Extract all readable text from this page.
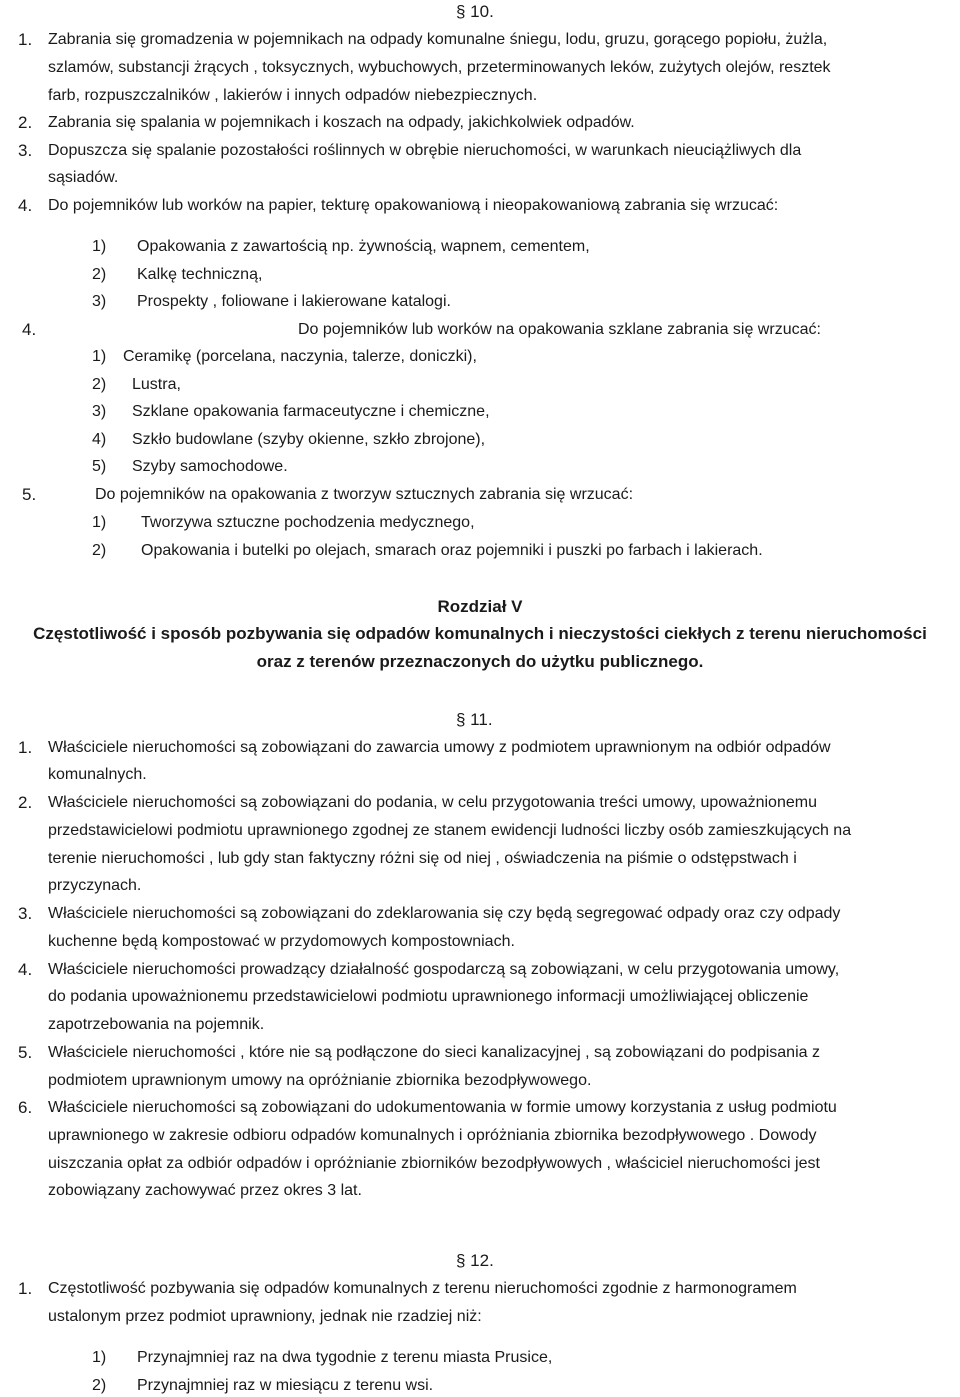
§ 10.
1. Zabrania się gromadzenia w pojemnikach na odpady komunalne śniegu, lodu, gruzu, gorącego popiołu, żużla,
szlamów, substancji żrących , toksycznych, wybuchowych, przeterminowanych leków, zużytych olejów, resztek
farb, rozpuszczalników , lakierów i innych odpadów niebezpiecznych.
2. Zabrania się spalania w pojemnikach i koszach na odpady, jakichkolwiek odpadów.
3. Dopuszcza się spalanie pozostałości roślinnych w obrębie nieruchomości, w warunkach nieuciążliwych dla
sąsiadów.
4. Do pojemników lub worków na papier, tekturę opakowaniową i nieopakowaniową zabrania się wrzucać:
1) Opakowania z zawartością np. żywnością, wapnem, cementem,
2) Kalkę techniczną,
3) Prospekty , foliowane i lakierowane katalogi.
4.	Do pojemników lub worków na opakowania szklane zabrania się wrzucać:
1) Ceramikę (porcelana, naczynia, talerze, doniczki),
2) Lustra,
3) Szklane opakowania farmaceutyczne i chemiczne,
4) Szkło budowlane (szyby okienne, szkło zbrojone),
5) Szyby samochodowe.
5.	Do pojemników na opakowania z tworzyw sztucznych zabrania się wrzucać:
1) Tworzywa sztuczne pochodzenia medycznego,
2) Opakowania i butelki po olejach, smarach oraz pojemniki i puszki po farbach i lakierach.
Rozdział V
Częstotliwość i sposób pozbywania się odpadów komunalnych i nieczystości ciekłych z terenu nieruchomości
oraz z terenów przeznaczonych do użytku publicznego.
§ 11.
1. Właściciele nieruchomości są zobowiązani do zawarcia umowy z podmiotem uprawnionym na odbiór odpadów
komunalnych.
2. Właściciele nieruchomości są zobowiązani do podania, w celu przygotowania treści umowy, upoważnionemu
przedstawicielowi podmiotu uprawnionego zgodnej ze stanem ewidencji ludności liczby osób zamieszkujących na
terenie nieruchomości , lub gdy stan faktyczny różni się od niej , oświadczenia na piśmie o odstępstwach i
przyczynach.
3. Właściciele nieruchomości są zobowiązani do zdeklarowania się czy będą segregować odpady oraz czy odpady
kuchenne będą kompostować w przydomowych kompostowniach.
4. Właściciele nieruchomości prowadzący działalność gospodarczą są zobowiązani, w celu przygotowania umowy,
do podania upoważnionemu przedstawicielowi podmiotu uprawnionego informacji umożliwiającej obliczenie
zapotrzebowania na pojemnik.
5. Właściciele nieruchomości , które nie są podłączone do sieci kanalizacyjnej , są zobowiązani do podpisania z
podmiotem uprawnionym umowy na opróżnianie zbiornika bezodpływowego.
6. Właściciele nieruchomości są zobowiązani do udokumentowania w formie umowy korzystania z usług podmiotu
uprawnionego w zakresie odbioru odpadów komunalnych i opróżniania zbiornika bezodpływowego . Dowody
uiszczania opłat za odbiór odpadów i opróżnianie zbiorników bezodpływowych , właściciel nieruchomości jest
zobowiązany zachowywać przez okres 3 lat.
§ 12.
1. Częstotliwość pozbywania się odpadów komunalnych z terenu nieruchomości zgodnie z harmonogramem
ustalonym przez podmiot uprawniony, jednak nie rzadziej niż:
1) Przynajmniej raz na dwa tygodnie z terenu miasta Prusice,
2) Przynajmniej raz w miesiącu z terenu wsi.
